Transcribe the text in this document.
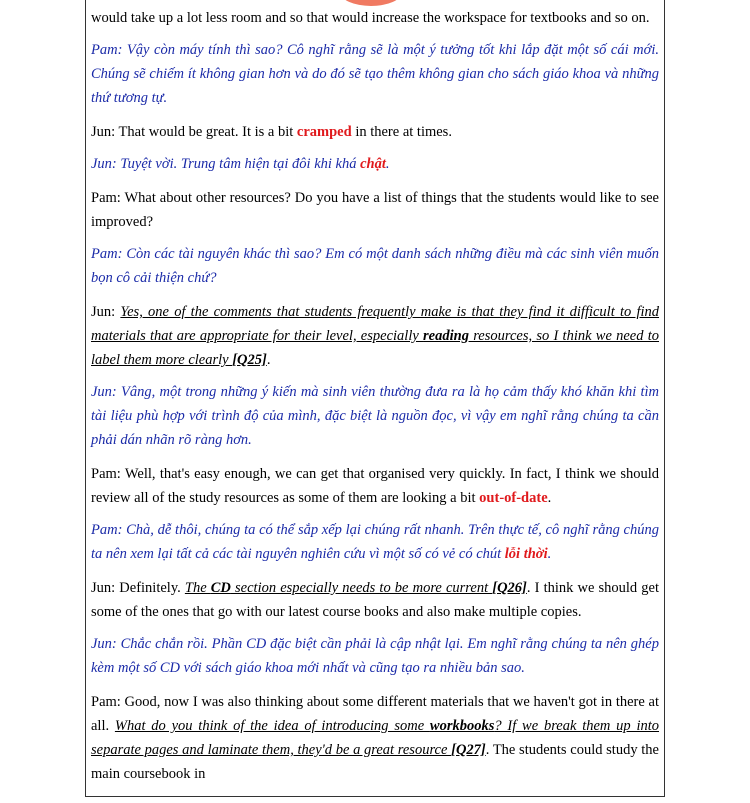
would take up a lot less room and so that would increase the workspace for textbooks and so on.

Pam: Vậy còn máy tính thì sao? Cô nghĩ rằng sẽ là một ý tưởng tốt khi lắp đặt một số cái mới. Chúng sẽ chiếm ít không gian hơn và do đó sẽ tạo thêm không gian cho sách giáo khoa và những thứ tương tự.

Jun: That would be great. It is a bit cramped in there at times.

Jun: Tuyệt vời. Trung tâm hiện tại đôi khi khá chật.

Pam: What about other resources? Do you have a list of things that the students would like to see improved?

Pam: Còn các tài nguyên khác thì sao? Em có một danh sách những điều mà các sinh viên muốn bọn cô cải thiện chứ?

Jun: Yes, one of the comments that students frequently make is that they find it difficult to find materials that are appropriate for their level, especially reading resources, so I think we need to label them more clearly [Q25].

Jun: Vâng, một trong những ý kiến mà sinh viên thường đưa ra là họ cảm thấy khó khăn khi tìm tài liệu phù hợp với trình độ của mình, đặc biệt là nguồn đọc, vì vậy em nghĩ rằng chúng ta cần phải dán nhãn rõ ràng hơn.

Pam: Well, that's easy enough, we can get that organised very quickly. In fact, I think we should review all of the study resources as some of them are looking a bit out-of-date.

Pam: Chà, dễ thôi, chúng ta có thể sắp xếp lại chúng rất nhanh. Trên thực tế, cô nghĩ rằng chúng ta nên xem lại tất cả các tài nguyên nghiên cứu vì một số có vẻ có chút lỗi thời.

Jun: Definitely. The CD section especially needs to be more current [Q26]. I think we should get some of the ones that go with our latest course books and also make multiple copies.

Jun: Chắc chắn rồi. Phần CD đặc biệt cần phải là cập nhật lại. Em nghĩ rằng chúng ta nên ghép kèm một số CD với sách giáo khoa mới nhất và cũng tạo ra nhiều bản sao.

Pam: Good, now I was also thinking about some different materials that we haven't got in there at all. What do you think of the idea of introducing some workbooks? If we break them up into separate pages and laminate them, they'd be a great resource [Q27]. The students could study the main coursebook in
